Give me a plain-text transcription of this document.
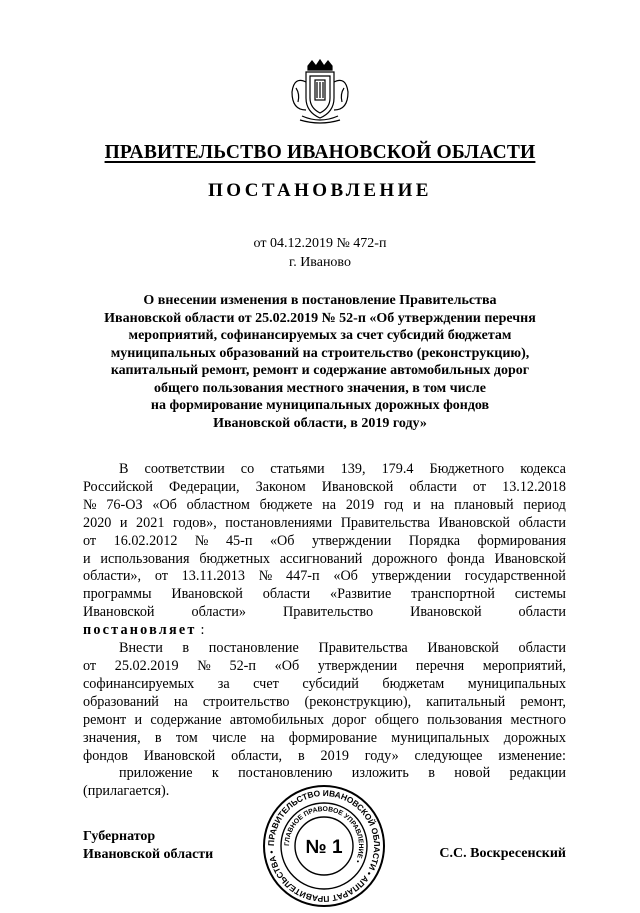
ПРАВИТЕЛЬСТВО ИВАНОВСКОЙ ОБЛАСТИ
ПОСТАНОВЛЕНИЕ
от 04.12.2019 № 472-п
г. Иваново
О внесении изменения в постановление Правительства
Ивановской области от 25.02.2019 № 52-п «Об утверждении перечня
мероприятий, софинансируемых за счет субсидий бюджетам
муниципальных образований на строительство (реконструкцию),
капитальный ремонт, ремонт и содержание автомобильных дорог
общего пользования местного значения, в том числе
на формирование муниципальных дорожных фондов
Ивановской области, в 2019 году»
В соответствии со статьями 139, 179.4 Бюджетного кодекса
Российской Федерации, Законом Ивановской области от 13.12.2018
№ 76-ОЗ «Об областном бюджете на 2019 год и на плановый период
2020 и 2021 годов», постановлениями Правительства Ивановской области
от 16.02.2012 № 45-п «Об утверждении Порядка формирования
и использования бюджетных ассигнований дорожного фонда Ивановской
области», от 13.11.2013 № 447-п «Об утверждении государственной
программы Ивановской области «Развитие транспортной системы
Ивановской	области»	Правительство	Ивановской	области
постановляет :
Внести в постановление Правительства Ивановской области
от 25.02.2019 № 52-п «Об утверждении перечня мероприятий,
софинансируемых за счет субсидий бюджетам муниципальных
образований на строительство (реконструкцию), капитальный ремонт,
ремонт и содержание автомобильных дорог общего пользования местного
значения, в том числе на формирование муниципальных дорожных
фондов Ивановской области, в 2019 году» следующее изменение:
приложение к постановлению изложить в новой редакции
(прилагается).
Губернатор
Ивановской области	С.С. Воскресенский
ПРАВИТЕЛЬСТВО ИВАНОВСКОЙ ОБЛАСТИ • АППАРАТ ПРАВИТЕЛЬСТВА •
ГЛАВНОЕ ПРАВОВОЕ УПРАВЛЕНИЕ •
№ 1
